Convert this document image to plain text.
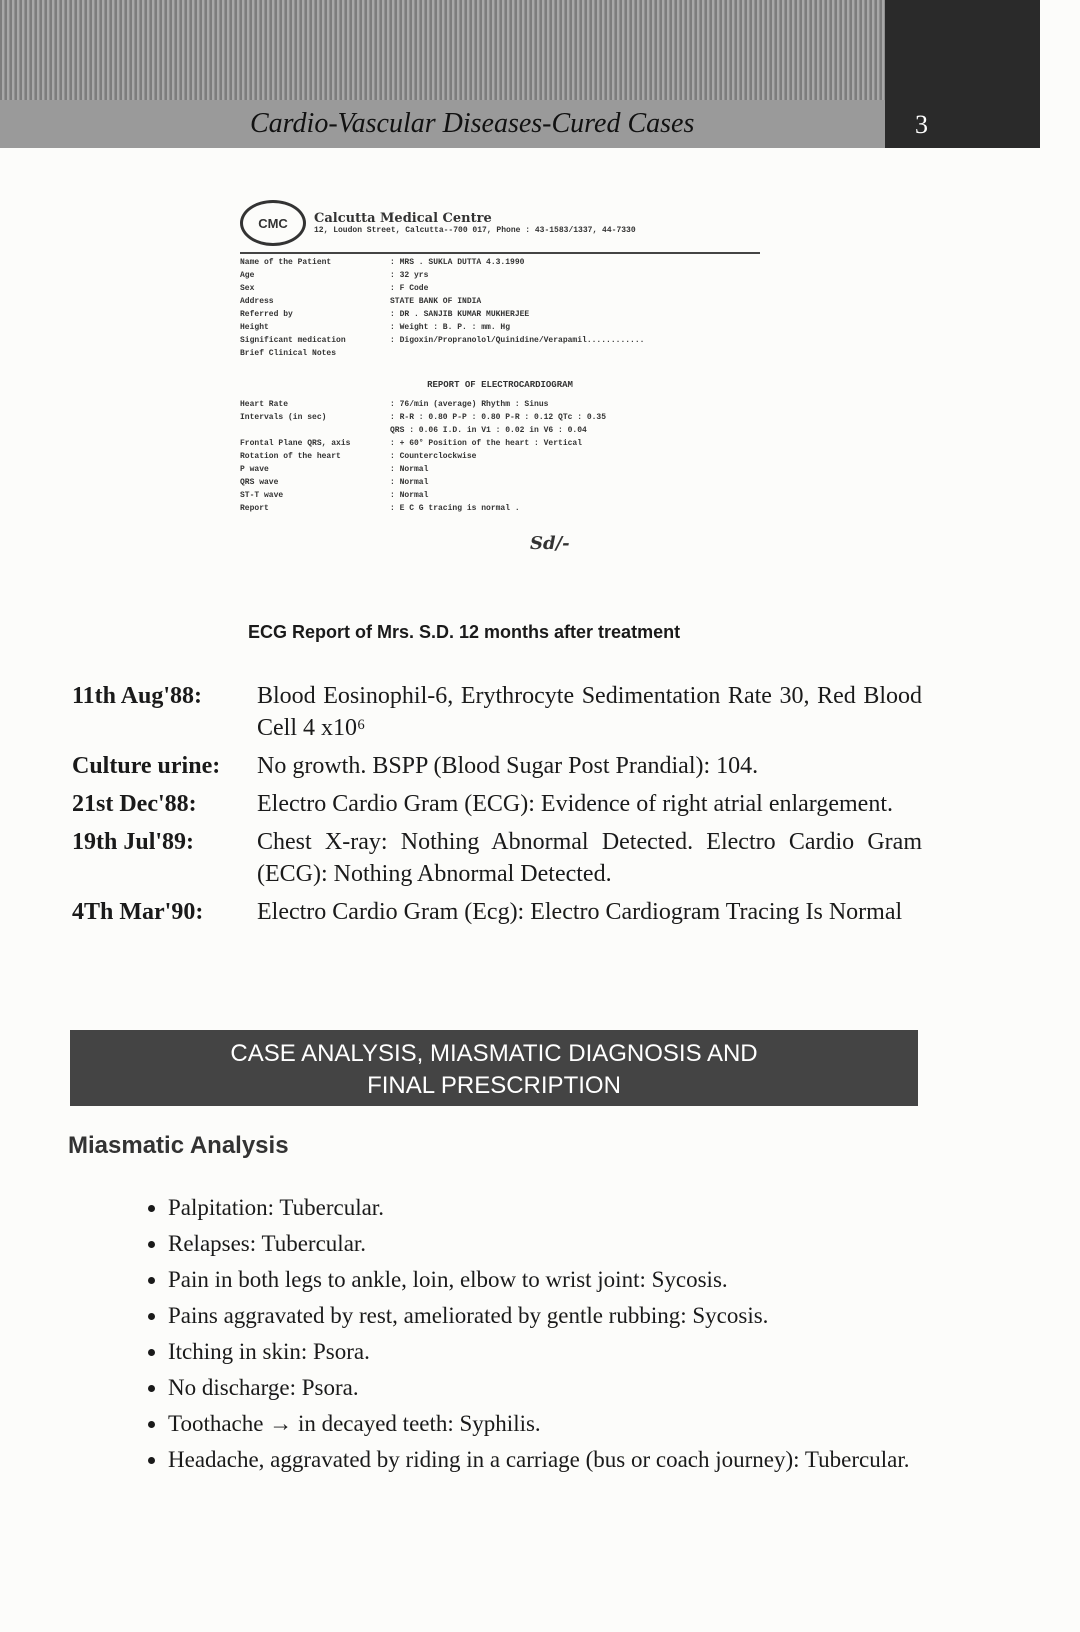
Cardio-Vascular Diseases-Cured Cases	3
CMC	Calcutta Medical Centre
12, Loudon Street, Calcutta--700 017, Phone : 43-1583/1337, 44-7330
Name of the Patient	: MRS . SUKLA DUTTA 4.3.1990
Age	: 32 yrs
Sex	: F Code
Address	STATE BANK OF INDIA
Referred by	: DR . SANJIB KUMAR MUKHERJEE
Height	: Weight : B. P. : mm. Hg
Significant medication	: Digoxin/Propranolol/Quinidine/Verapamil............
Brief Clinical Notes
REPORT OF ELECTROCARDIOGRAM
Heart Rate	: 76/min (average) Rhythm : Sinus
Intervals (in sec)	: R-R : 0.80 P-P : 0.80 P-R : 0.12 QTc : 0.35
QRS : 0.06 I.D. in V1 : 0.02 in V6 : 0.04
Frontal Plane QRS, axis	: + 60° Position of the heart : Vertical
Rotation of the heart	: Counterclockwise
P wave	: Normal
QRS wave	: Normal
ST-T wave	: Normal
Report	: E C G tracing is normal .
Sd/-
ECG Report of Mrs. S.D. 12 months after treatment
11th Aug'88:	Blood Eosinophil-6, Erythrocyte Sedimentation Rate 30, Red Blood Cell 4 x10⁶
Culture urine:	No growth. BSPP (Blood Sugar Post Prandial): 104.
21st Dec'88:	Electro Cardio Gram (ECG): Evidence of right atrial enlargement.
19th Jul'89:	Chest X-ray: Nothing Abnormal Detected. Electro Cardio Gram (ECG): Nothing Abnormal Detected.
4Th Mar'90:	Electro Cardio Gram (Ecg): Electro Cardiogram Tracing Is Normal
CASE ANALYSIS, MIASMATIC DIAGNOSIS AND
FINAL PRESCRIPTION
Miasmatic Analysis
• Palpitation: Tubercular.
• Relapses: Tubercular.
• Pain in both legs to ankle, loin, elbow to wrist joint: Sycosis.
• Pains aggravated by rest, ameliorated by gentle rubbing: Sycosis.
• Itching in skin: Psora.
• No discharge: Psora.
• Toothache → in decayed teeth: Syphilis.
• Headache, aggravated by riding in a carriage (bus or coach journey): Tubercular.
